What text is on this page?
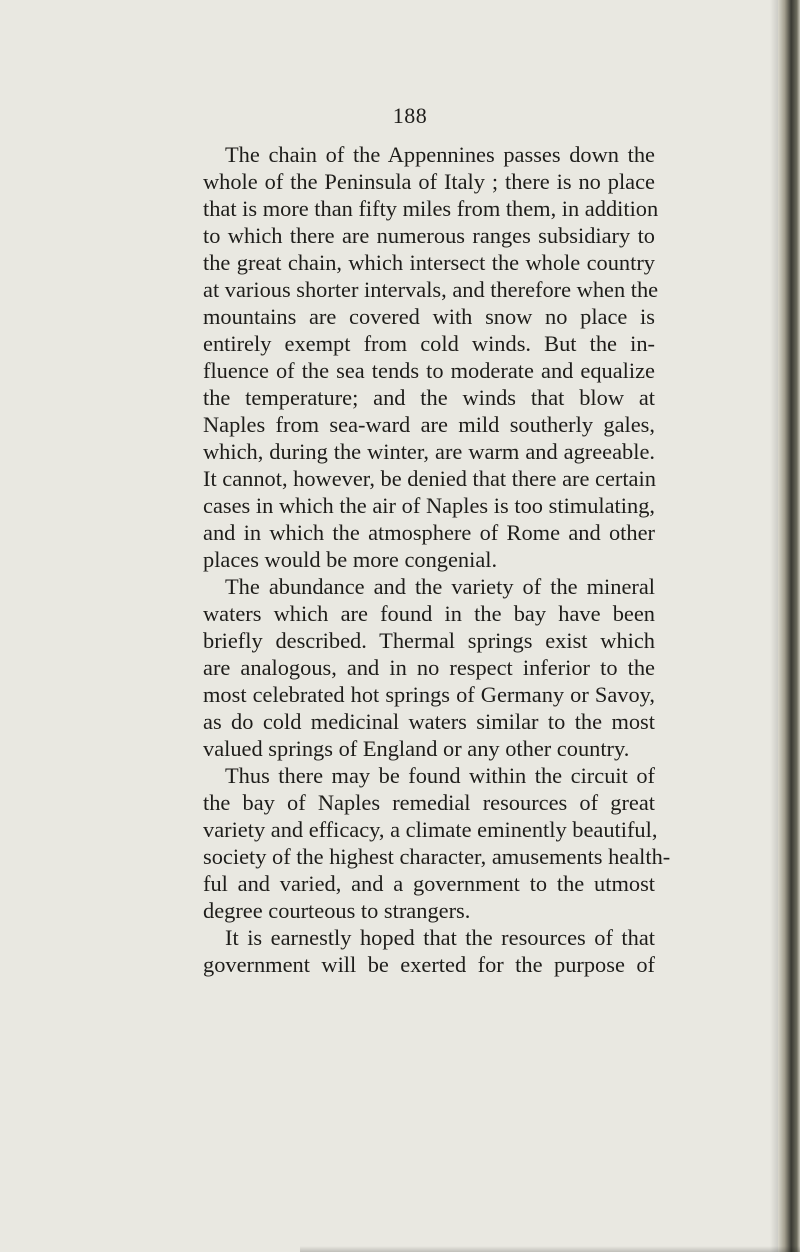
188
The chain of the Appennines passes down the
whole of the Peninsula of Italy ; there is no place
that is more than fifty miles from them, in addition
to which there are numerous ranges subsidiary to
the great chain, which intersect the whole country
at various shorter intervals, and therefore when the
mountains are covered with snow no place is
entirely exempt from cold winds. But the in-
fluence of the sea tends to moderate and equalize
the temperature; and the winds that blow at
Naples from sea-ward are mild southerly gales,
which, during the winter, are warm and agreeable.
It cannot, however, be denied that there are certain
cases in which the air of Naples is too stimulating,
and in which the atmosphere of Rome and other
places would be more congenial.
The abundance and the variety of the mineral
waters which are found in the bay have been
briefly described. Thermal springs exist which
are analogous, and in no respect inferior to the
most celebrated hot springs of Germany or Savoy,
as do cold medicinal waters similar to the most
valued springs of England or any other country.
Thus there may be found within the circuit of
the bay of Naples remedial resources of great
variety and efficacy, a climate eminently beautiful,
society of the highest character, amusements health-
ful and varied, and a government to the utmost
degree courteous to strangers.
It is earnestly hoped that the resources of that
government will be exerted for the purpose of
